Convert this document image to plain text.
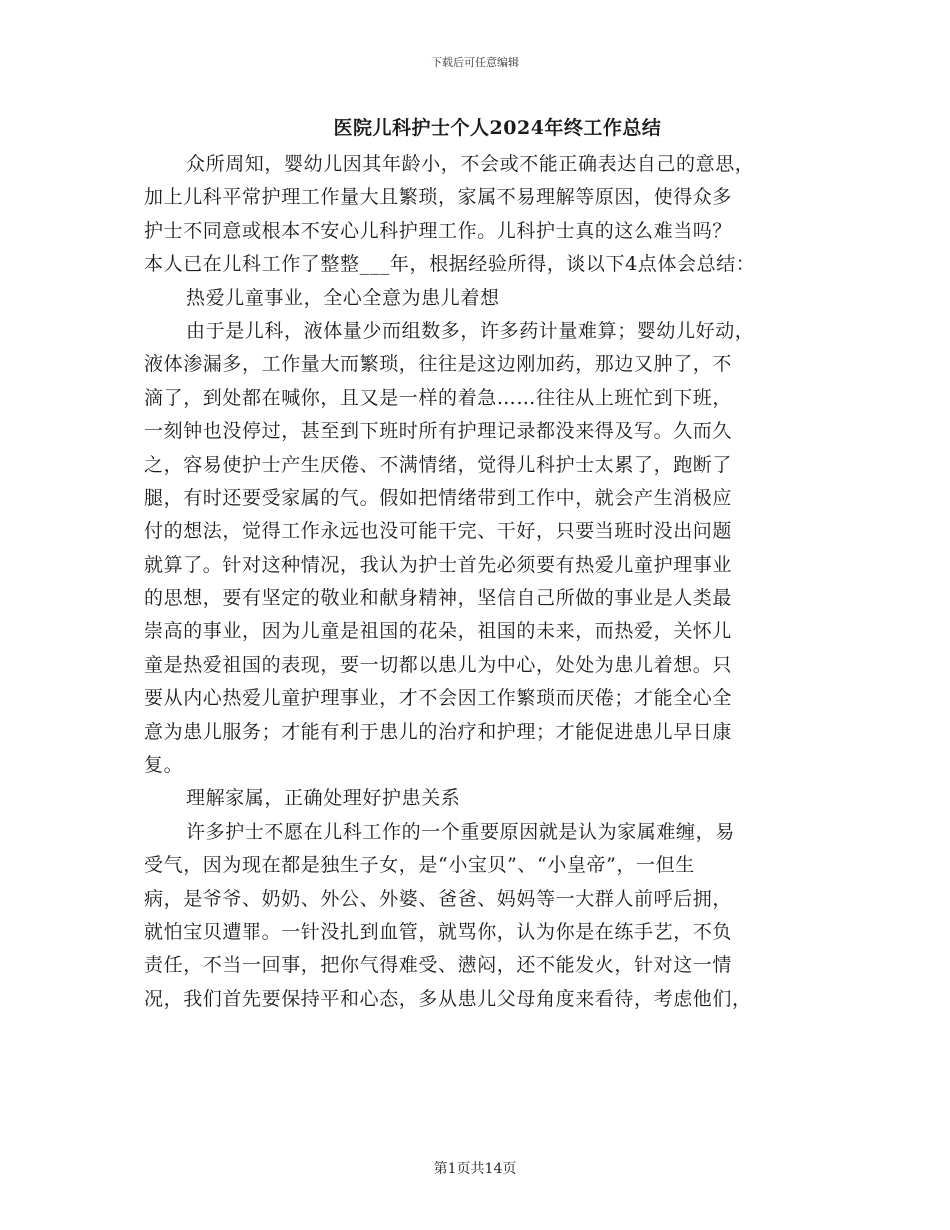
下载后可任意编辑
医院儿科护士个人2024年终工作总结
众所周知，婴幼儿因其年龄小，不会或不能正确表达自己的意思，
加上儿科平常护理工作量大且繁琐，家属不易理解等原因，使得众多
护士不同意或根本不安心儿科护理工作。儿科护士真的这么难当吗？
本人已在儿科工作了整整___年，根据经验所得，谈以下4点体会总结：
热爱儿童事业，全心全意为患儿着想
由于是儿科，液体量少而组数多，许多药计量难算；婴幼儿好动，
液体渗漏多，工作量大而繁琐，往往是这边刚加药，那边又肿了，不
滴了，到处都在喊你，且又是一样的着急……往往从上班忙到下班，
一刻钟也没停过，甚至到下班时所有护理记录都没来得及写。久而久
之，容易使护士产生厌倦、不满情绪，觉得儿科护士太累了，跑断了
腿，有时还要受家属的气。假如把情绪带到工作中，就会产生消极应
付的想法，觉得工作永远也没可能干完、干好，只要当班时没出问题
就算了。针对这种情况，我认为护士首先必须要有热爱儿童护理事业
的思想，要有坚定的敬业和献身精神，坚信自己所做的事业是人类最
崇高的事业，因为儿童是祖国的花朵，祖国的未来，而热爱，关怀儿
童是热爱祖国的表现，要一切都以患儿为中心，处处为患儿着想。只
要从内心热爱儿童护理事业，才不会因工作繁琐而厌倦；才能全心全
意为患儿服务；才能有利于患儿的治疗和护理；才能促进患儿早日康
复。
理解家属，正确处理好护患关系
许多护士不愿在儿科工作的一个重要原因就是认为家属难缠，易
受气，因为现在都是独生子女，是“小宝贝”、“小皇帝”，一但生
病，是爷爷、奶奶、外公、外婆、爸爸、妈妈等一大群人前呼后拥，
就怕宝贝遭罪。一针没扎到血管，就骂你，认为你是在练手艺，不负
责任，不当一回事，把你气得难受、懑闷，还不能发火，针对这一情
况，我们首先要保持平和心态，多从患儿父母角度来看待，考虑他们，
第1页共14页
